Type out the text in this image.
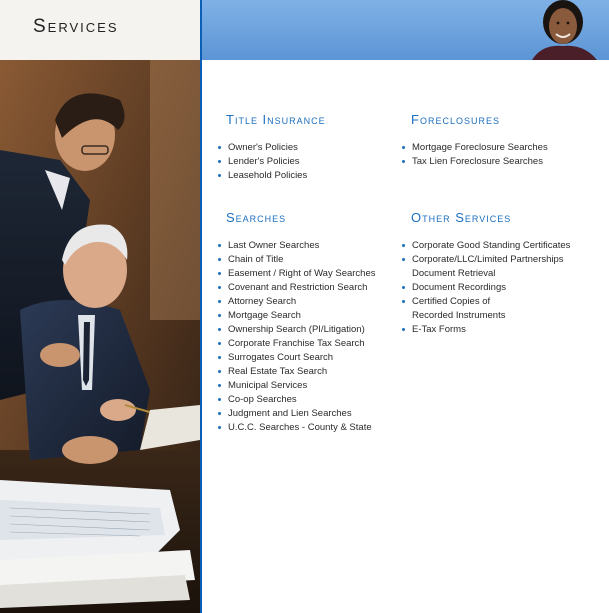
Services
Title Insurance
Owner's Policies
Lender's Policies
Leasehold Policies
Foreclosures
Mortgage Foreclosure Searches
Tax Lien Foreclosure Searches
Searches
Last Owner Searches
Chain of Title
Easement / Right of Way Searches
Covenant and Restriction Search
Attorney Search
Mortgage Search
Ownership Search (PI/Litigation)
Corporate Franchise Tax Search
Surrogates Court Search
Real Estate Tax Search
Municipal Services
Co-op Searches
Judgment and Lien Searches
U.C.C. Searches - County & State
Other Services
Corporate Good Standing Certificates
Corporate/LLC/Limited Partnerships
Document Retrieval
Document Recordings
Certified Copies of
Recorded Instruments
E-Tax Forms
